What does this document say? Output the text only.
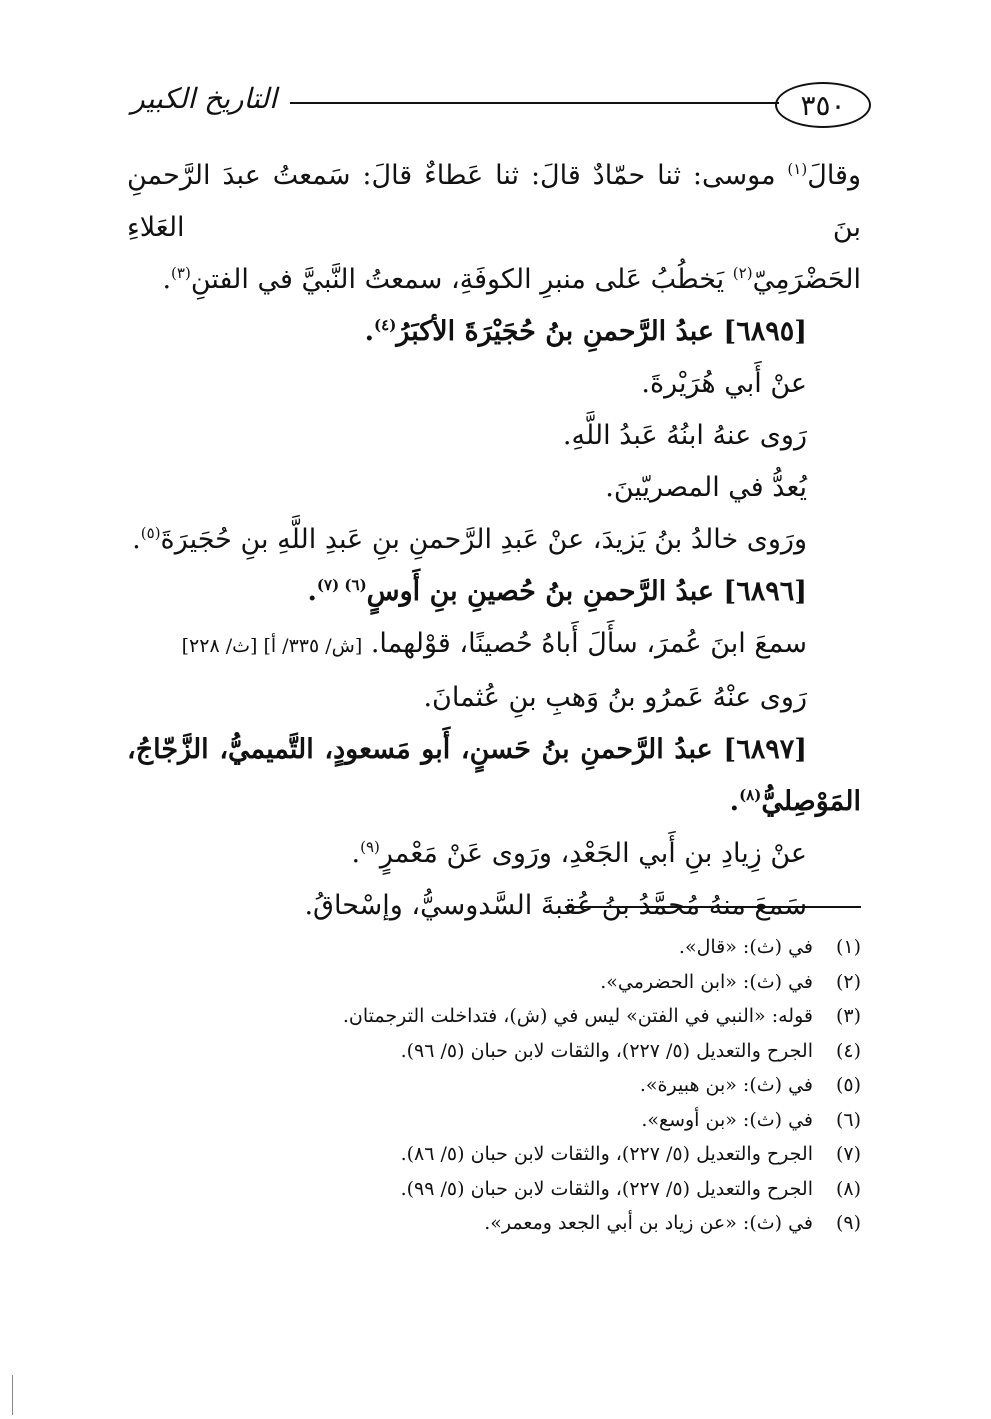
٣٥٠
التاريخ الكبير

وقالَ$^{(١)}$ موسى: ثنا حمّادٌ قالَ: ثنا عَطاءٌ قالَ: سَمعتُ عبدَ الرَّحمنِ بنَ العَلاءِ

الحَضْرَمِيّ$^{(٢)}$ يَخطُبُ عَلى منبرِ الكوفَةِ، سمعتُ النَّبيَّ في الفتنِ$^{(٣)}$.

[٦٨٩٥] عبدُ الرَّحمنِ بنُ حُجَيْرَةَ الأكبَرُ$^{(٤)}$.

عنْ أَبي هُرَيْرةَ.

رَوى عنهُ ابنُهُ عَبدُ اللَّهِ.

يُعدُّ في المصريّينَ.

ورَوى خالدُ بنُ يَزيدَ، عنْ عَبدِ الرَّحمنِ بنِ عَبدِ اللَّهِ بنِ حُجَيرَةَ$^{(٥)}$.

[٦٨٩٦] عبدُ الرَّحمنِ بنُ حُصينِ بنِ أَوسٍ$^{(٦) (٧)}$.

سمعَ ابنَ عُمرَ، سأَلَ أَباهُ حُصينًا، قوْلهما. [ش/ ٣٣٥/ أ] [ث/ ٢٢٨]

رَوى عنْهُ عَمرُو بنُ وَهبِ بنِ عُثمانَ.

[٦٨٩٧] عبدُ الرَّحمنِ بنُ حَسنٍ، أَبو مَسعودٍ، التَّميميُّ، الزَّجّاجُ،

المَوْصِليُّ$^{(٨)}$.

عنْ زِيادِ بنِ أَبي الجَعْدِ، ورَوى عَنْ مَعْمرٍ$^{(٩)}$.

سَمعَ منهُ مُحمَّدُ بنُ عُقبةَ السَّدوسيُّ، وإسْحاقُ.

(١)
في (ث): «قال».
(٢)
في (ث): «ابن الحضرمي».
(٣)
قوله: «النبي في الفتن» ليس في (ش)، فتداخلت الترجمتان.
(٤)
الجرح والتعديل (٥/ ٢٢٧)، والثقات لابن حبان (٥/ ٩٦).
(٥)
في (ث): «بن هبيرة».
(٦)
في (ث): «بن أوسع».
(٧)
الجرح والتعديل (٥/ ٢٢٧)، والثقات لابن حبان (٥/ ٨٦).
(٨)
الجرح والتعديل (٥/ ٢٢٧)، والثقات لابن حبان (٥/ ٩٩).
(٩)
في (ث): «عن زياد بن أبي الجعد ومعمر».
